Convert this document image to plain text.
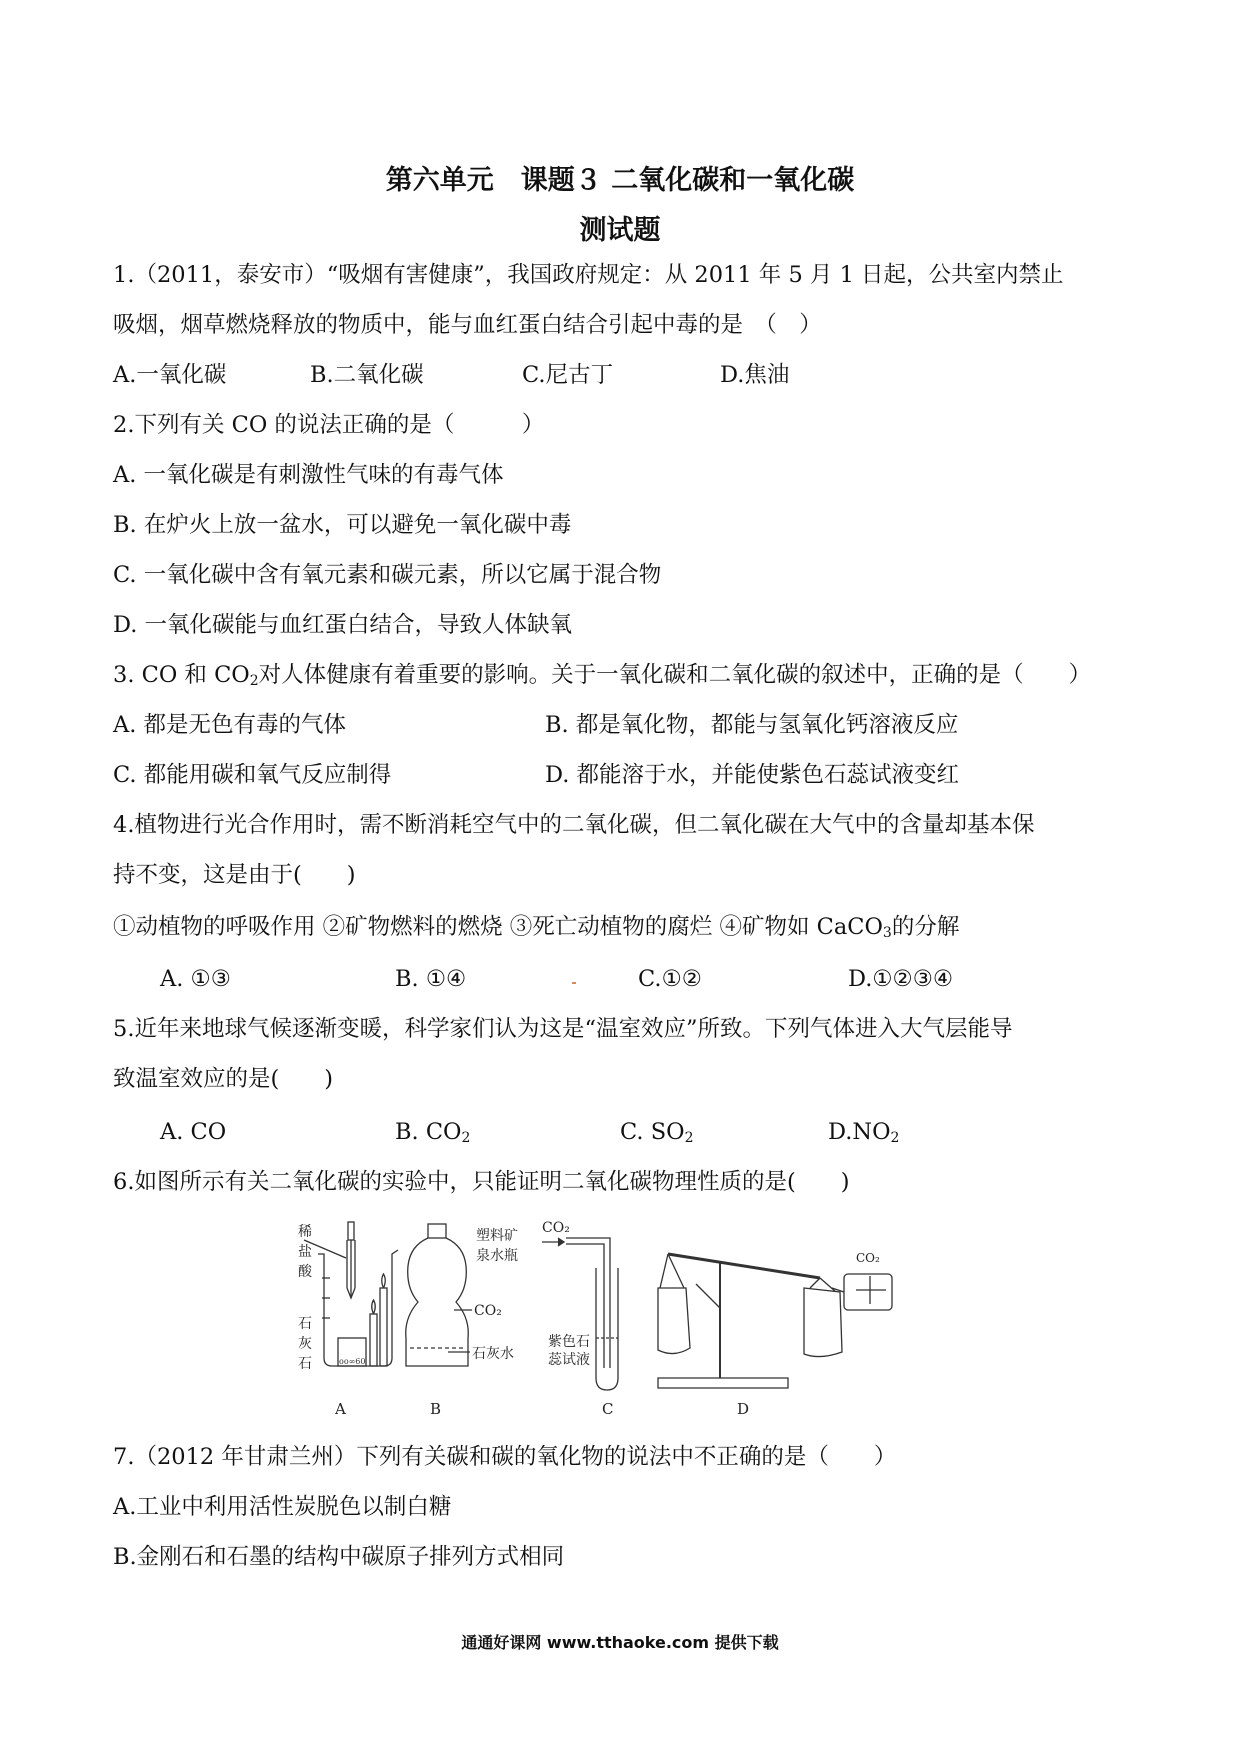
第六单元　课题３ 二氧化碳和一氧化碳
测试题
1.（2011，泰安市）“吸烟有害健康”，我国政府规定：从 2011 年 5 月 1 日起，公共室内禁止
吸烟，烟草燃烧释放的物质中，能与血红蛋白结合引起中毒的是　（　）
A.一氧化碳	B.二氧化碳	C.尼古丁	D.焦油
2.下列有关 CO 的说法正确的是（　　　）
A. 一氧化碳是有刺激性气味的有毒气体
B. 在炉火上放一盆水，可以避免一氧化碳中毒
C. 一氧化碳中含有氧元素和碳元素，所以它属于混合物
D. 一氧化碳能与血红蛋白结合，导致人体缺氧
3. CO 和 $CO_2$对人体健康有着重要的影响。关于一氧化碳和二氧化碳的叙述中，正确的是（　　）
A. 都是无色有毒的气体	B. 都是氧化物，都能与氢氧化钙溶液反应
C. 都能用碳和氧气反应制得	D. 都能溶于水，并能使紫色石蕊试液变红
4.植物进行光合作用时，需不断消耗空气中的二氧化碳，但二氧化碳在大气中的含量却基本保
持不变，这是由于(　　)
①动植物的呼吸作用 ②矿物燃料的燃烧 ③死亡动植物的腐烂 ④矿物如 CaCO$_3$的分解
A. ①③	B. ①④	C.①②	D.①②③④
5.近年来地球气候逐渐变暖，科学家们认为这是“温室效应”所致。下列气体进入大气层能导
致温室效应的是(　　)
A. CO	B. $CO_2$	C. $SO_2$	$D.NO_2$
6.如图所示有关二氧化碳的实验中，只能证明二氧化碳物理性质的是(　　)
稀
盐
酸
石
灰
石	oo∞60
A
塑料矿
泉水瓶
CO₂
石灰水
B
CO₂
紫色石
蕊试液
C
CO₂
D
7.（2012 年甘肃兰州）下列有关碳和碳的氧化物的说法中不正确的是（　　）
A.工业中利用活性炭脱色以制白糖
B.金刚石和石墨的结构中碳原子排列方式相同
通通好课网 www.tthaoke.com 提供下载
